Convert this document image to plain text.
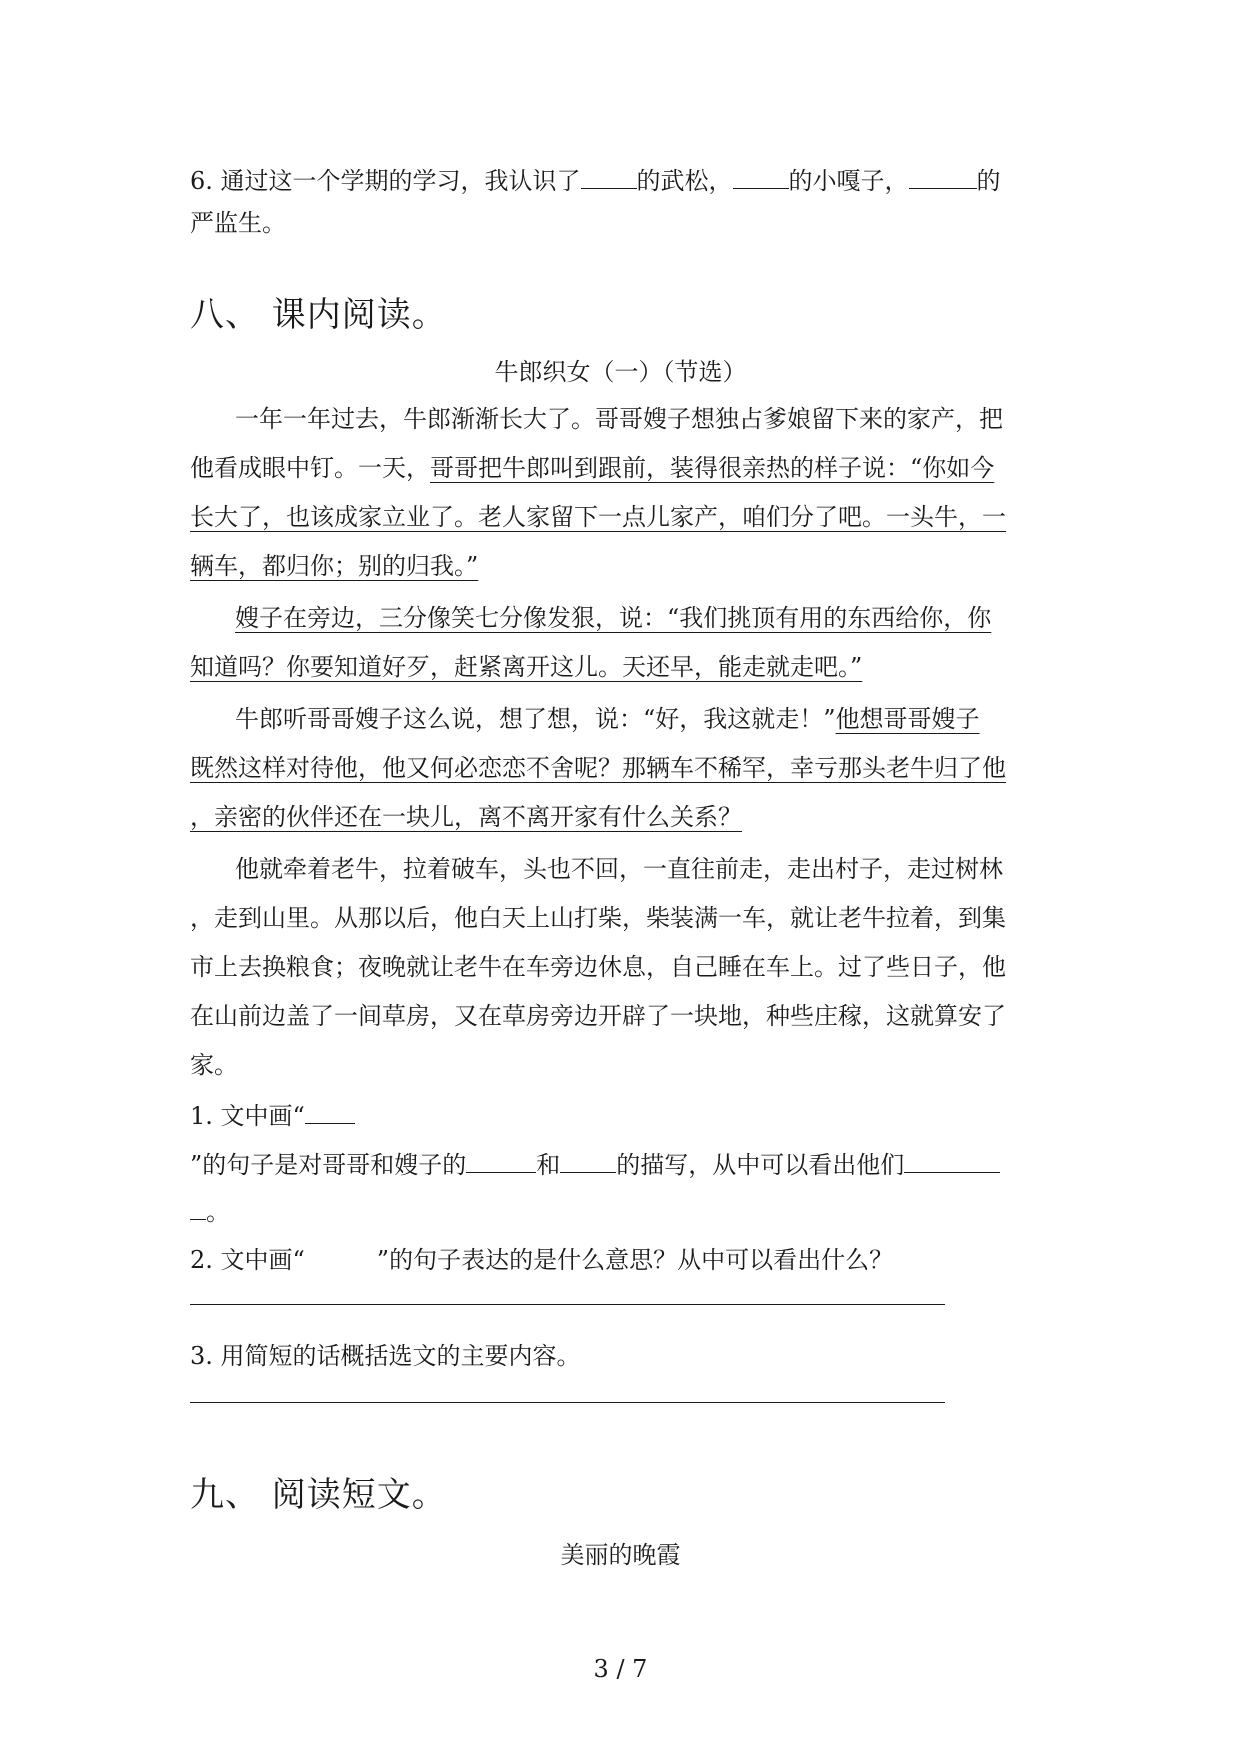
6. 通过这一个学期的学习，我认识了 的武松， 的小嘎子，	的
严监生。
八、 课内阅读。
牛郎织女（一）（节选）
一年一年过去，牛郎渐渐长大了。哥哥嫂子想独占爹娘留下来的家产，把
他看成眼中钉。一天，哥哥把牛郎叫到跟前，装得很亲热的样子说：“你如今
长大了，也该成家立业了。老人家留下一点儿家产，咱们分了吧。一头牛，一
辆车，都归你；别的归我。”
嫂子在旁边，三分像笑七分像发狠，说：“我们挑顶有用的东西给你，你
知道吗？你要知道好歹，赶紧离开这儿。天还早，能走就走吧。”
牛郎听哥哥嫂子这么说，想了想，说：“好，我这就走！”他想哥哥嫂子
既然这样对待他，他又何必恋恋不舍呢？那辆车不稀罕，幸亏那头老牛归了他
，亲密的伙伴还在一块儿，离不离开家有什么关系？
他就牵着老牛，拉着破车，头也不回，一直往前走，走出村子，走过树林
，走到山里。从那以后，他白天上山打柴，柴装满一车，就让老牛拉着，到集
市上去换粮食；夜晚就让老牛在车旁边休息，自己睡在车上。过了些日子，他
在山前边盖了一间草房，又在草房旁边开辟了一块地，种些庄稼，这就算安了
家。
1. 文中画“
”的句子是对哥哥和嫂子的	和 的描写，从中可以看出他们
。
2. 文中画“	”的句子表达的是什么意思？从中可以看出什么？
3. 用简短的话概括选文的主要内容。
九、 阅读短文。
美丽的晚霞
3 / 7
